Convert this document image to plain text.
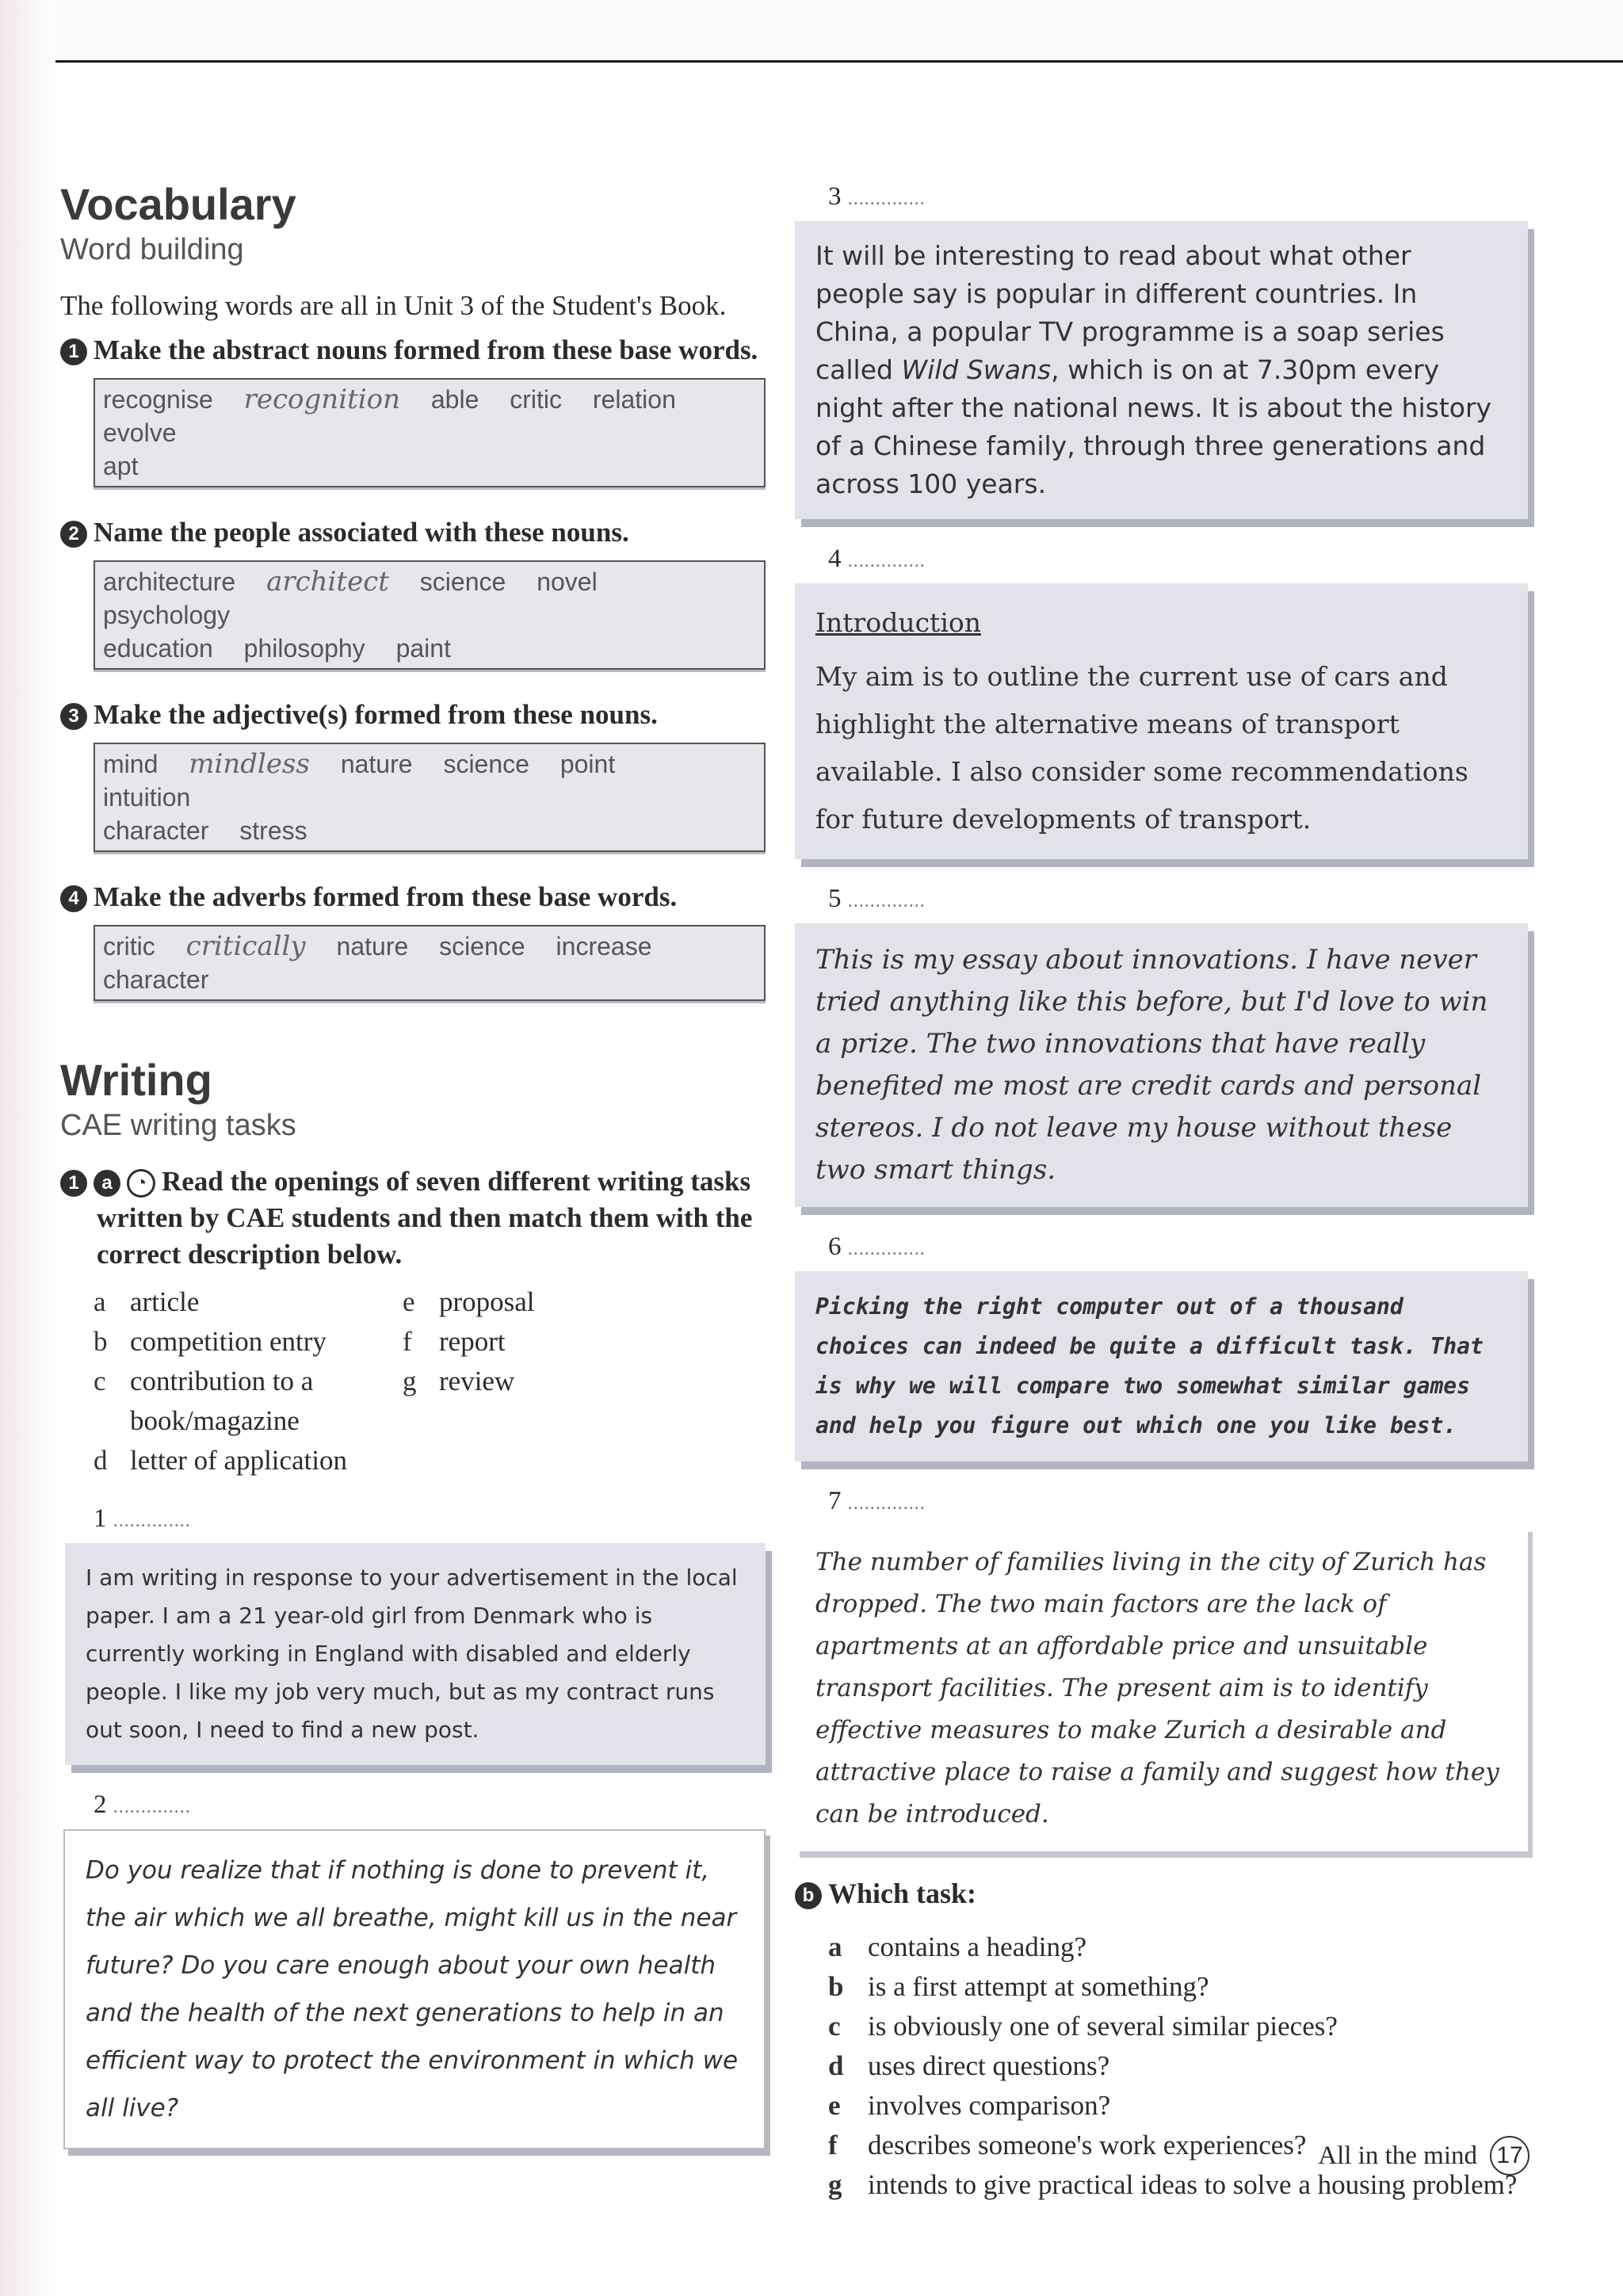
Vocabulary
Word building

The following words are all in Unit 3 of the Student's Book.

1 Make the abstract nouns formed from these base words.
recognise recognition able critic relation evolve
apt
2 Name the people associated with these nouns.
architecture architect science novel psychology
education philosophy paint
3 Make the adjective(s) formed from these nouns.
mind mindless nature science point intuition
character stress
4 Make the adverbs formed from these base words.
critic critically nature science increase character
Writing
CAE writing tasks
1 a ◔ Read the openings of seven different writing tasks written by CAE students and then match them with the correct description below.
a article
b competition entry
c contribution to a book/magazine
d letter of application
e proposal
f report
g review
1 ..............
I am writing in response to your advertisement in the local paper. I am a 21 year-old girl from Denmark who is currently working in England with disabled and elderly people. I like my job very much, but as my contract runs out soon, I need to find a new post.
2 ..............
Do you realize that if nothing is done to prevent it, the air which we all breathe, might kill us in the near future? Do you care enough about your own health and the health of the next generations to help in an efficient way to protect the environment in which we all live?
3 ..............
It will be interesting to read about what other people say is popular in different countries. In China, a popular TV programme is a soap series called Wild Swans, which is on at 7.30pm every night after the national news. It is about the history of a Chinese family, through three generations and across 100 years.
4 ..............
Introduction
My aim is to outline the current use of cars and highlight the alternative means of transport available. I also consider some recommendations for future developments of transport.
5 ..............
This is my essay about innovations. I have never tried anything like this before, but I'd love to win a prize. The two innovations that have really benefited me most are credit cards and personal stereos. I do not leave my house without these two smart things.
6 ..............
Picking the right computer out of a thousand choices can indeed be quite a difficult task. That is why we will compare two somewhat similar games and help you figure out which one you like best.
7 ..............
The number of families living in the city of Zurich has dropped. The two main factors are the lack of apartments at an affordable price and unsuitable transport facilities. The present aim is to identify effective measures to make Zurich a desirable and attractive place to raise a family and suggest how they can be introduced.
b Which task:
a contains a heading?
b is a first attempt at something?
c is obviously one of several similar pieces?
d uses direct questions?
e involves comparison?
f	describes someone's work experiences?
g intends to give practical ideas to solve a housing problem?
All in the mind 17
